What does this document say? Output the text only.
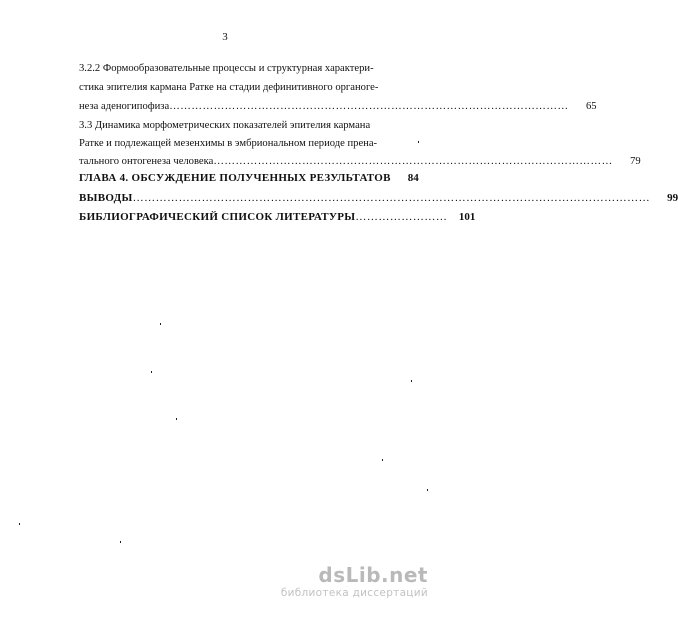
3
3.2.2 Формообразовательные процессы и структурная характери-
стика эпителия кармана Ратке на стадии дефинитивного органоге-
неза аденогипофиза ………………………………………………………………………………………………	65
3.3 Динамика морфометрических показателей эпителия кармана
Ратке и подлежащей мезенхимы в эмбриональном периоде прена-
тального онтогенеза человека ………………………………………………………………………………………………	79
ГЛАВА 4. ОБСУЖДЕНИЕ ПОЛУЧЕННЫХ РЕЗУЛЬТАТОВ	84
ВЫВОДЫ ………………………………………………………………………………………………………………………	99
БИБЛИОГРАФИЧЕСКИЙ СПИСОК ЛИТЕРАТУРЫ ……………………	101
dsLib.net
библиотека диссертаций
